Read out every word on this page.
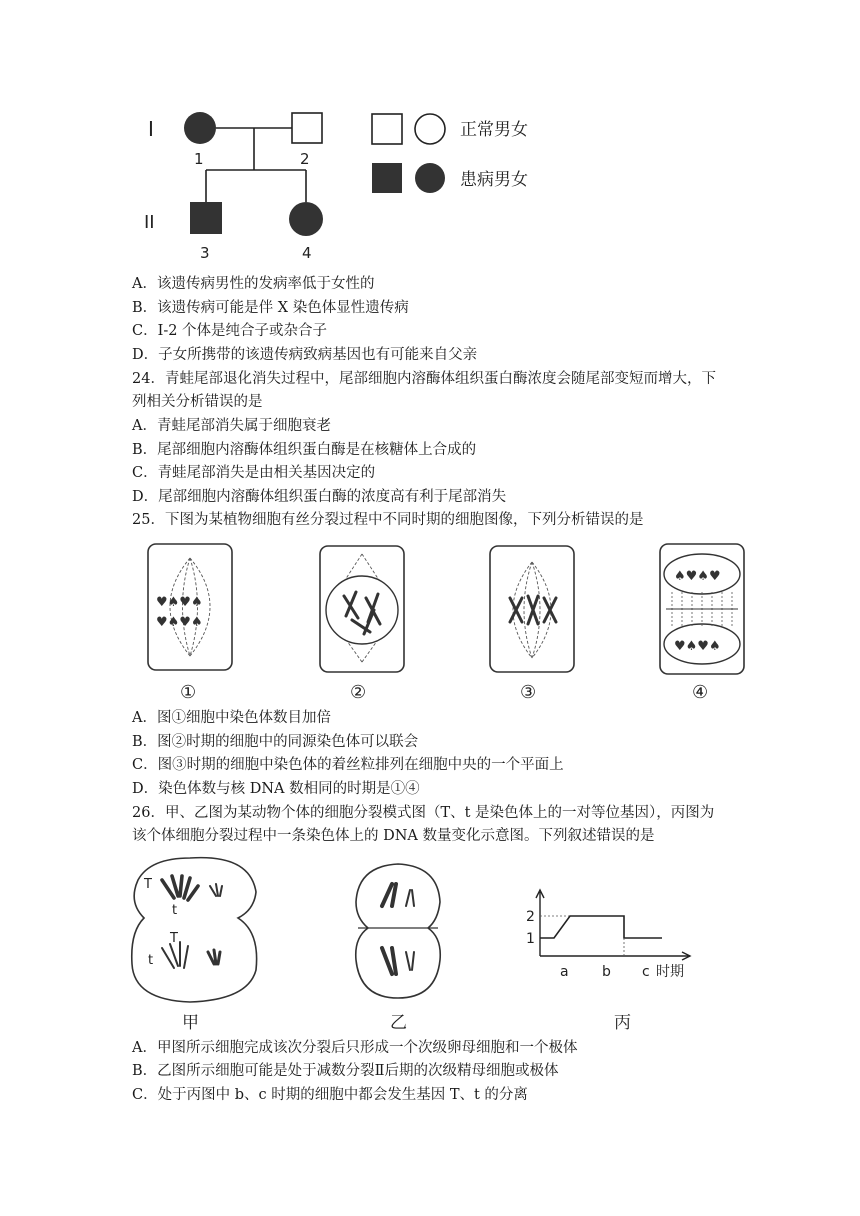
I
II
1	2
3	4
正常男女
患病男女
A．该遗传病男性的发病率低于女性的
B．该遗传病可能是伴 X 染色体显性遗传病
C．I-2 个体是纯合子或杂合子
D．子女所携带的该遗传病致病基因也有可能来自父亲
24．青蛙尾部退化消失过程中，尾部细胞内溶酶体组织蛋白酶浓度会随尾部变短而增大，下
列相关分析错误的是
A．青蛙尾部消失属于细胞衰老
B．尾部细胞内溶酶体组织蛋白酶是在核糖体上合成的
C．青蛙尾部消失是由相关基因决定的
D．尾部细胞内溶酶体组织蛋白酶的浓度高有利于尾部消失
25．下图为某植物细胞有丝分裂过程中不同时期的细胞图像，下列分析错误的是
♥♠♥♠
♥♠♥♠
♠♥♠♥
♥♠♥♠
①	②	③	④
A．图①细胞中染色体数目加倍
B．图②时期的细胞中的同源染色体可以联会
C．图③时期的细胞中染色体的着丝粒排列在细胞中央的一个平面上
D．染色体数与核 DNA 数相同的时期是①④
26．甲、乙图为某动物个体的细胞分裂模式图（T、t 是染色体上的一对等位基因），丙图为
该个体细胞分裂过程中一条染色体上的 DNA 数量变化示意图。下列叙述错误的是
T
t
T
t
2
1
a b c 时期
甲	乙	丙
A．甲图所示细胞完成该次分裂后只形成一个次级卵母细胞和一个极体
B．乙图所示细胞可能是处于减数分裂Ⅱ后期的次级精母细胞或极体
C．处于丙图中 b、c 时期的细胞中都会发生基因 T、t 的分离
